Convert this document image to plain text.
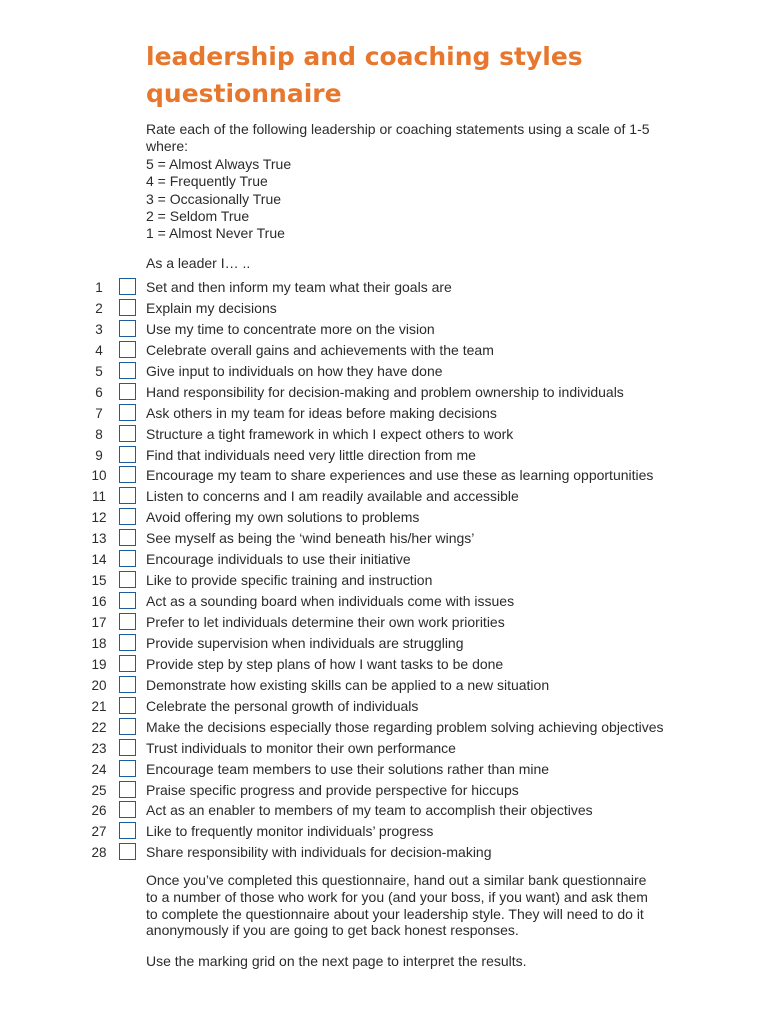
leadership and coaching styles
questionnaire
Rate each of the following leadership or coaching statements using a scale of 1-5
where:
5 = Almost Always True
4 = Frequently True
3 = Occasionally True
2 = Seldom True
1 = Almost Never True
As a leader I… ..
1	Set and then inform my team what their goals are
2	Explain my decisions
3	Use my time to concentrate more on the vision
4	Celebrate overall gains and achievements with the team
5	Give input to individuals on how they have done
6	Hand responsibility for decision-making and problem ownership to individuals
7	Ask others in my team for ideas before making decisions
8	Structure a tight framework in which I expect others to work
9	Find that individuals need very little direction from me
10	Encourage my team to share experiences and use these as learning opportunities
11	Listen to concerns and I am readily available and accessible
12	Avoid offering my own solutions to problems
13	See myself as being the ‘wind beneath his/her wings’
14	Encourage individuals to use their initiative
15	Like to provide specific training and instruction
16	Act as a sounding board when individuals come with issues
17	Prefer to let individuals determine their own work priorities
18	Provide supervision when individuals are struggling
19	Provide step by step plans of how I want tasks to be done
20	Demonstrate how existing skills can be applied to a new situation
21	Celebrate the personal growth of individuals
22	Make the decisions especially those regarding problem solving achieving objectives
23	Trust individuals to monitor their own performance
24	Encourage team members to use their solutions rather than mine
25	Praise specific progress and provide perspective for hiccups
26	Act as an enabler to members of my team to accomplish their objectives
27	Like to frequently monitor individuals’ progress
28	Share responsibility with individuals for decision-making
Once you’ve completed this questionnaire, hand out a similar bank questionnaire
to a number of those who work for you (and your boss, if you want) and ask them
to complete the questionnaire about your leadership style. They will need to do it
anonymously if you are going to get back honest responses.
Use the marking grid on the next page to interpret the results.
